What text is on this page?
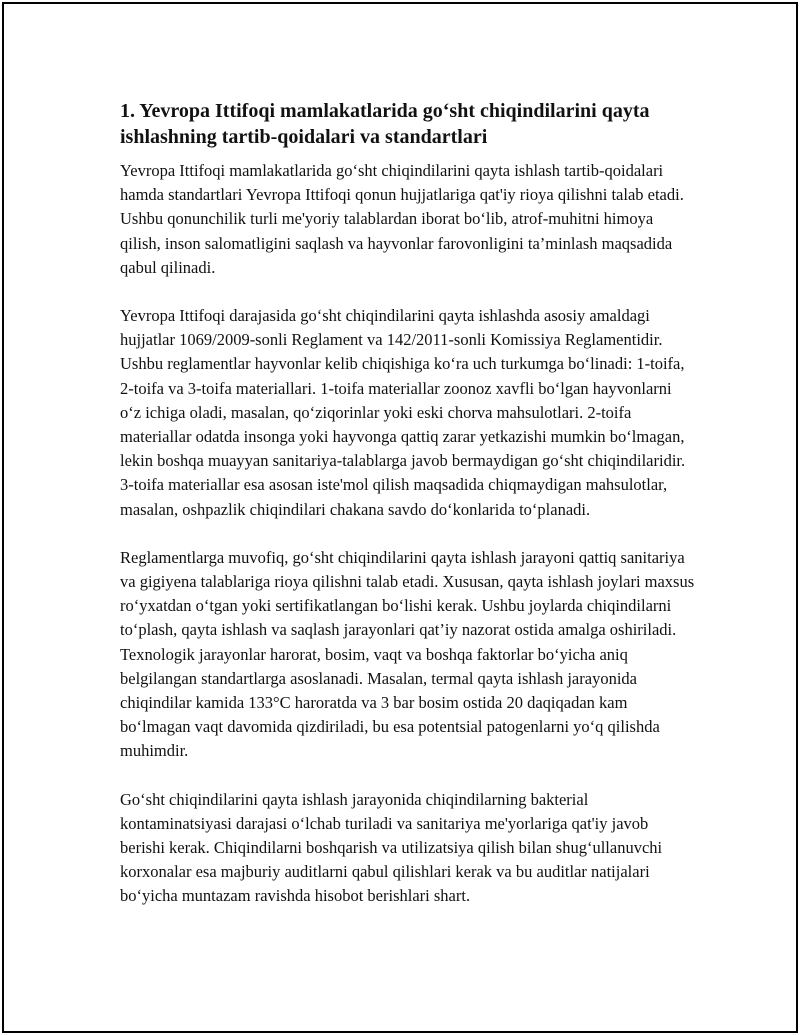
1. Yevropa Ittifoqi mamlakatlarida go‘sht chiqindilarini qayta ishlashning tartib-qoidalari va standartlari

Yevropa Ittifoqi mamlakatlarida go‘sht chiqindilarini qayta ishlash tartib-qoidalari hamda standartlari Yevropa Ittifoqi qonun hujjatlariga qat'iy rioya qilishni talab etadi. Ushbu qonunchilik turli me'yoriy talablardan iborat bo‘lib, atrof-muhitni himoya qilish, inson salomatligini saqlash va hayvonlar farovonligini ta’minlash maqsadida qabul qilinadi.

Yevropa Ittifoqi darajasida go‘sht chiqindilarini qayta ishlashda asosiy amaldagi hujjatlar 1069/2009-sonli Reglament va 142/2011-sonli Komissiya Reglamentidir. Ushbu reglamentlar hayvonlar kelib chiqishiga ko‘ra uch turkumga bo‘linadi: 1-toifa, 2-toifa va 3-toifa materiallari. 1-toifa materiallar zoonoz xavfli bo‘lgan hayvonlarni o‘z ichiga oladi, masalan, qo‘ziqorinlar yoki eski chorva mahsulotlari. 2-toifa materiallar odatda insonga yoki hayvonga qattiq zarar yetkazishi mumkin bo‘lmagan, lekin boshqa muayyan sanitariya-talablarga javob bermaydigan go‘sht chiqindilaridir. 3-toifa materiallar esa asosan iste'mol qilish maqsadida chiqmaydigan mahsulotlar, masalan, oshpazlik chiqindilari chakana savdo do‘konlarida to‘planadi.

Reglamentlarga muvofiq, go‘sht chiqindilarini qayta ishlash jarayoni qattiq sanitariya va gigiyena talablariga rioya qilishni talab etadi. Xususan, qayta ishlash joylari maxsus ro‘yxatdan o‘tgan yoki sertifikatlangan bo‘lishi kerak. Ushbu joylarda chiqindilarni to‘plash, qayta ishlash va saqlash jarayonlari qat’iy nazorat ostida amalga oshiriladi. Texnologik jarayonlar harorat, bosim, vaqt va boshqa faktorlar bo‘yicha aniq belgilangan standartlarga asoslanadi. Masalan, termal qayta ishlash jarayonida chiqindilar kamida 133°C haroratda va 3 bar bosim ostida 20 daqiqadan kam bo‘lmagan vaqt davomida qizdiriladi, bu esa potentsial patogenlarni yo‘q qilishda muhimdir.

Go‘sht chiqindilarini qayta ishlash jarayonida chiqindilarning bakterial kontaminatsiyasi darajasi o‘lchab turiladi va sanitariya me'yorlariga qat'iy javob berishi kerak. Chiqindilarni boshqarish va utilizatsiya qilish bilan shug‘ullanuvchi korxonalar esa majburiy auditlarni qabul qilishlari kerak va bu auditlar natijalari bo‘yicha muntazam ravishda hisobot berishlari shart.
